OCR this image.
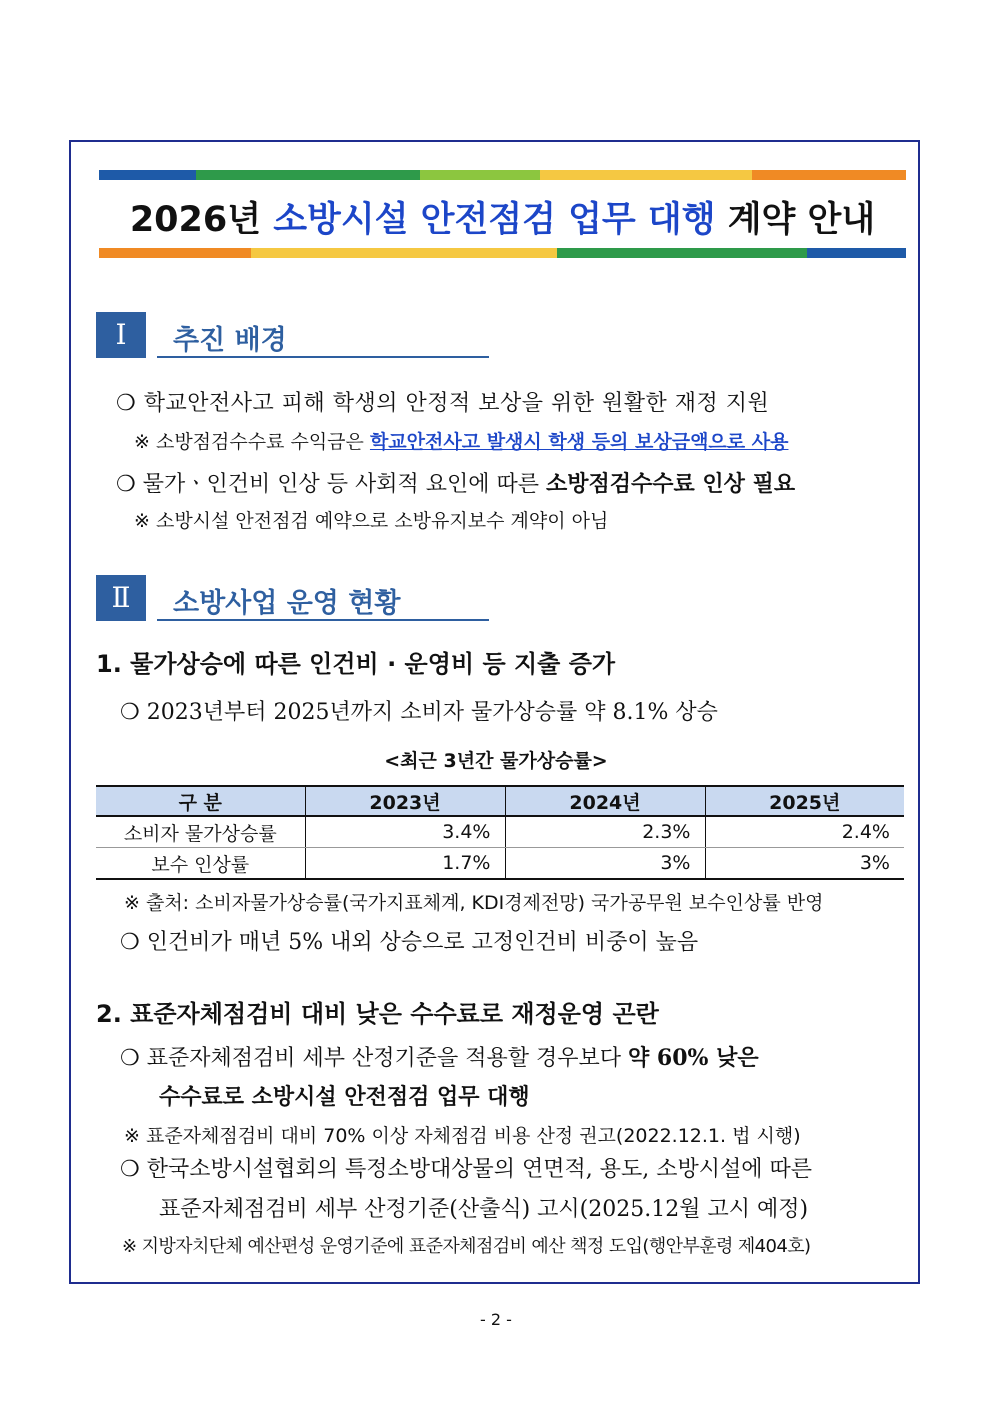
2026년 소방시설 안전점검 업무 대행 계약 안내
Ⅰ	추진 배경
❍ 학교안전사고 피해 학생의 안정적 보상을 위한 원활한 재정 지원
※ 소방점검수수료 수익금은 학교안전사고 발생시 학생 등의 보상금액으로 사용
❍ 물가ㆍ인건비 인상 등 사회적 요인에 따른 소방점검수수료 인상 필요
※ 소방시설 안전점검 예약으로 소방유지보수 계약이 아님
Ⅱ	소방사업 운영 현황
1. 물가상승에 따른 인건비 · 운영비 등 지출 증가
❍ 2023년부터 2025년까지 소비자 물가상승률 약 8.1% 상승
<최근 3년간 물가상승률>
구 분	2023년	2024년	2025년
소비자 물가상승률	3.4%	2.3%	2.4%
보수 인상률	1.7%	3%	3%
※ 출처: 소비자물가상승률(국가지표체계, KDI경제전망) 국가공무원 보수인상률 반영
❍ 인건비가 매년 5% 내외 상승으로 고정인건비 비중이 높음
2. 표준자체점검비 대비 낮은 수수료로 재정운영 곤란
❍ 표준자체점검비 세부 산정기준을 적용할 경우보다 약 60% 낮은
수수료로 소방시설 안전점검 업무 대행
※ 표준자체점검비 대비 70% 이상 자체점검 비용 산정 권고(2022.12.1. 법 시행)
❍ 한국소방시설협회의 특정소방대상물의 연면적, 용도, 소방시설에 따른
표준자체점검비 세부 산정기준(산출식) 고시(2025.12월 고시 예정)
※ 지방자치단체 예산편성 운영기준에 표준자체점검비 예산 책정 도입(행안부훈령 제404호)
- 2 -
